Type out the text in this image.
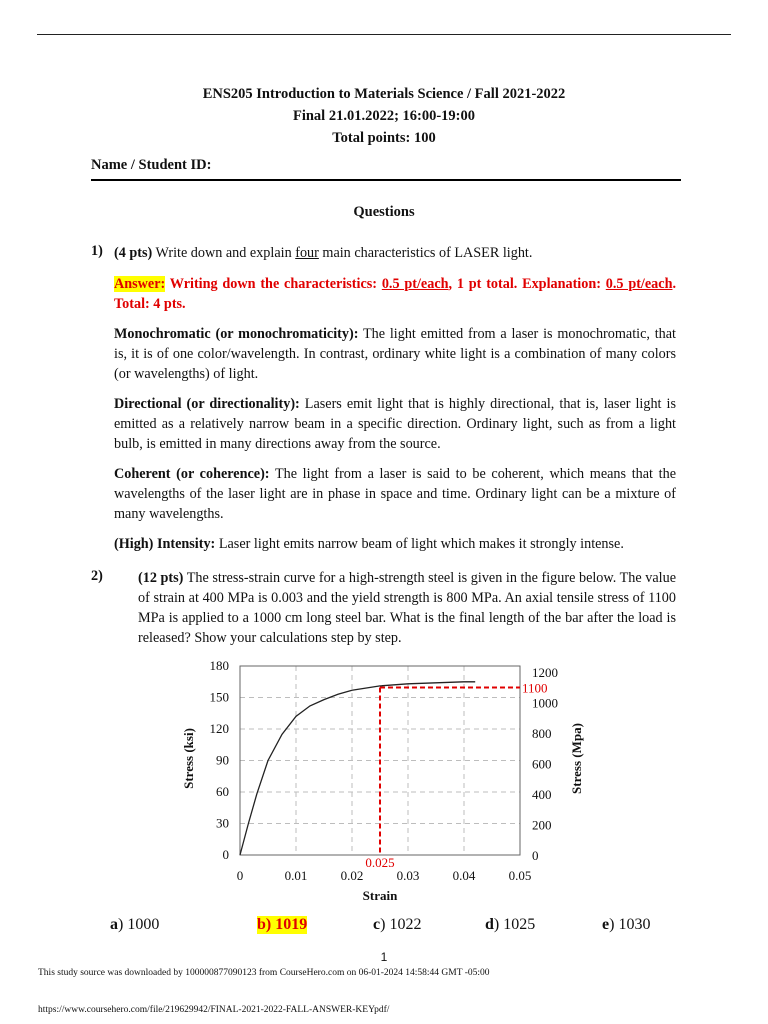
ENS205 Introduction to Materials Science / Fall 2021-2022
Final 21.01.2022; 16:00-19:00
Total points: 100
Name / Student ID:
Questions
1) (4 pts) Write down and explain four main characteristics of LASER light.
Answer: Writing down the characteristics: 0.5 pt/each, 1 pt total. Explanation: 0.5 pt/each. Total: 4 pts.
Monochromatic (or monochromaticity): The light emitted from a laser is monochromatic, that is, it is of one color/wavelength. In contrast, ordinary white light is a combination of many colors (or wavelengths) of light.
Directional (or directionality): Lasers emit light that is highly directional, that is, laser light is emitted as a relatively narrow beam in a specific direction. Ordinary light, such as from a light bulb, is emitted in many directions away from the source.
Coherent (or coherence): The light from a laser is said to be coherent, which means that the wavelengths of the laser light are in phase in space and time. Ordinary light can be a mixture of many wavelengths.
(High) Intensity: Laser light emits narrow beam of light which makes it strongly intense.
2) (12 pts) The stress-strain curve for a high-strength steel is given in the figure below. The value of strain at 400 MPa is 0.003 and the yield strength is 800 MPa. An axial tensile stress of 1100 MPa is applied to a 1000 cm long steel bar. What is the final length of the bar after the load is released? Show your calculations step by step.
0	0.01	0.02	0.03	0.04	0.05
0
30
60
90
120
150
180
0
200
400
600
800
1000
1200
Strain
Stress (ksi)	Stress (Mpa)
1100
0.025
a) 1000	b) 1019	c) 1022	d) 1025	e) 1030
1
This study source was downloaded by 100000877090123 from CourseHero.com on 06-01-2024 14:58:44 GMT -05:00
https://www.coursehero.com/file/219629942/FINAL-2021-2022-FALL-ANSWER-KEYpdf/
